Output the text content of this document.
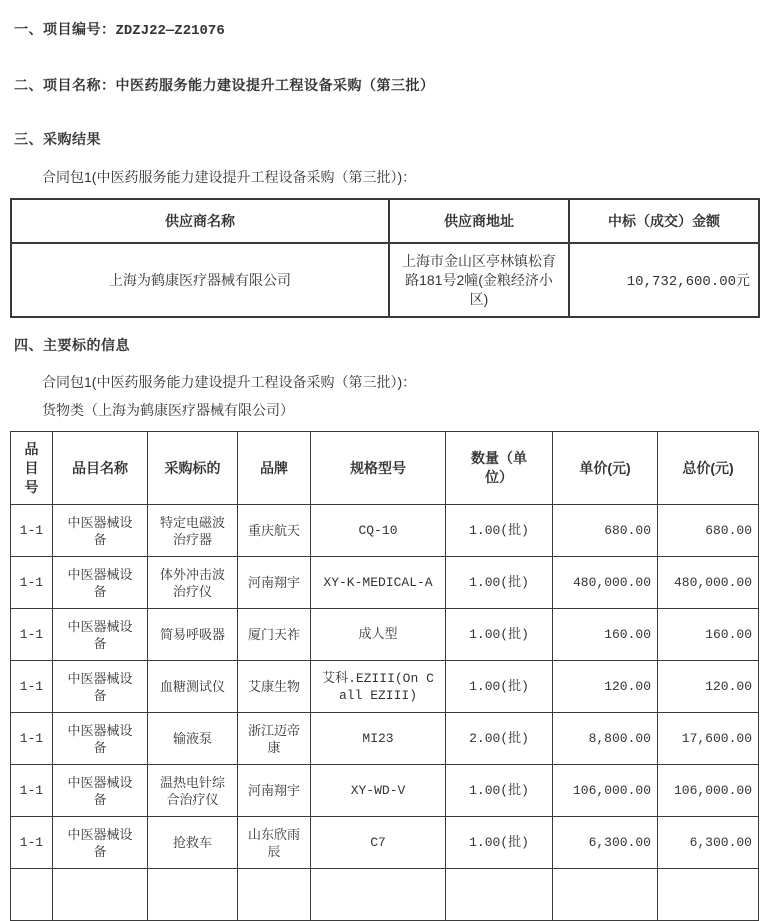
一、项目编号：ZDZJ22—Z21076
二、项目名称：中医药服务能力建设提升工程设备采购（第三批）
三、采购结果
合同包1(中医药服务能力建设提升工程设备采购（第三批）)：
供应商名称	供应商地址	中标（成交）金额
上海为鹤康医疗器械有限公司	上海市金山区亭林镇松育路181号2幢(金粮经济小区)	10,732,600.00元
四、主要标的信息
合同包1(中医药服务能力建设提升工程设备采购（第三批）)：
货物类（上海为鹤康医疗器械有限公司）
品目号	品目名称	采购标的	品牌	规格型号	数量（单位）	单价(元)	总价(元)
1-1	中医器械设备	特定电磁波治疗器	重庆航天	CQ-10	1.00(批)	680.00	680.00
1-1	中医器械设备	体外冲击波治疗仪	河南翔宇	XY-K-MEDICAL-A	1.00(批)	480,000.00	480,000.00
1-1	中医器械设备	简易呼吸器	厦门天祚	成人型	1.00(批)	160.00	160.00
1-1	中医器械设备	血糖测试仪	艾康生物	艾科.EZIII(On Call EZIII)	1.00(批)	120.00	120.00
1-1	中医器械设备	输液泵	浙江迈帝康	MI23	2.00(批)	8,800.00	17,600.00
1-1	中医器械设备	温热电针综合治疗仪	河南翔宇	XY-WD-V	1.00(批)	106,000.00	106,000.00
1-1	中医器械设备	抢救车	山东欣雨辰	C7	1.00(批)	6,300.00	6,300.00
